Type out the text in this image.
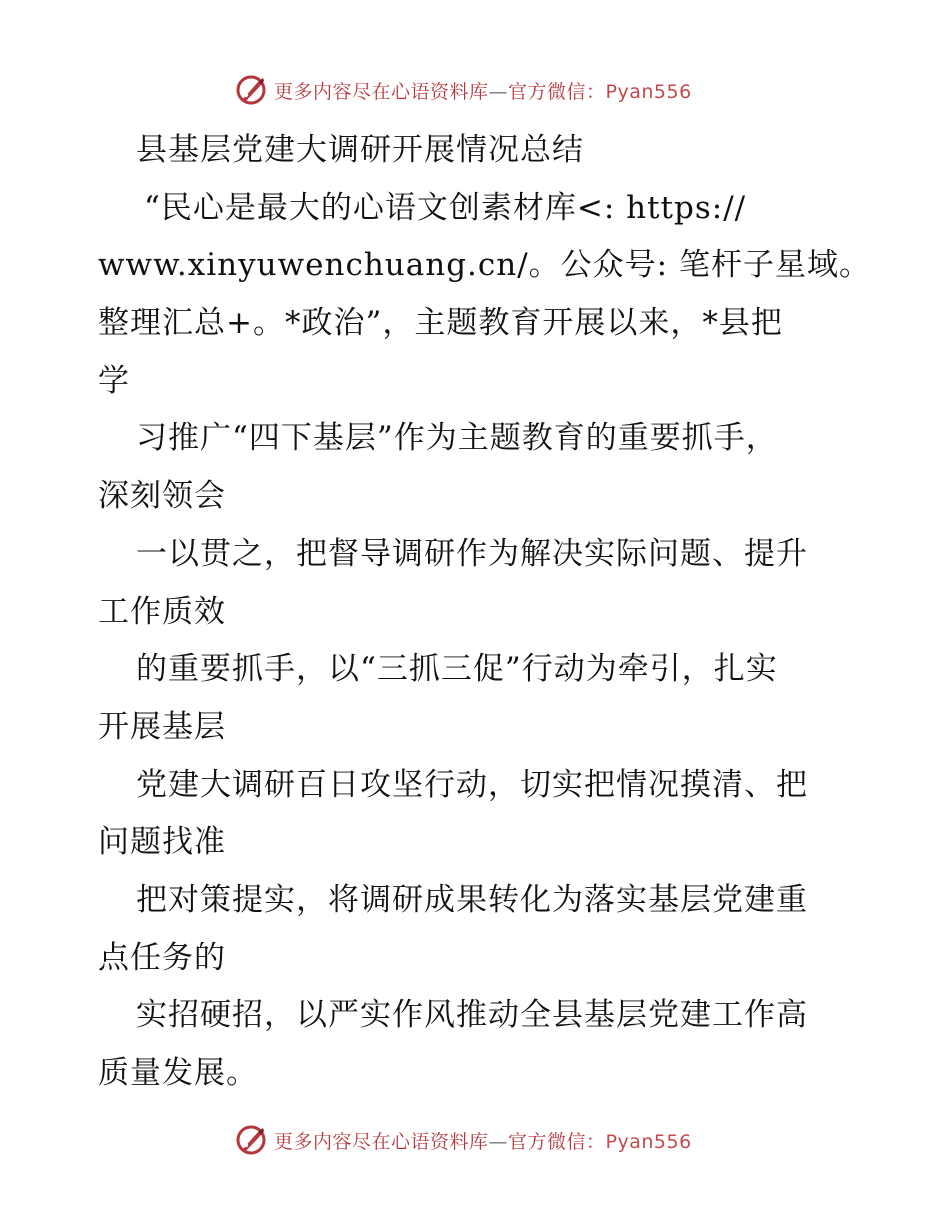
更多内容尽在心语资料库—官方微信：Pyan556
县基层党建大调研开展情况总结
“民心是最大的心语文创素材库<: https://
www.xinyuwenchuang.cn/。公众号: 笔杆子星域。
整理汇总+。*政治”，主题教育开展以来，*县把
学
习推广“四下基层”作为主题教育的重要抓手，
深刻领会
一以贯之，把督导调研作为解决实际问题、提升
工作质效
的重要抓手，以“三抓三促”行动为牵引，扎实
开展基层
党建大调研百日攻坚行动，切实把情况摸清、把
问题找准
把对策提实，将调研成果转化为落实基层党建重
点任务的
实招硬招，以严实作风推动全县基层党建工作高
质量发展。
更多内容尽在心语资料库—官方微信：Pyan556
